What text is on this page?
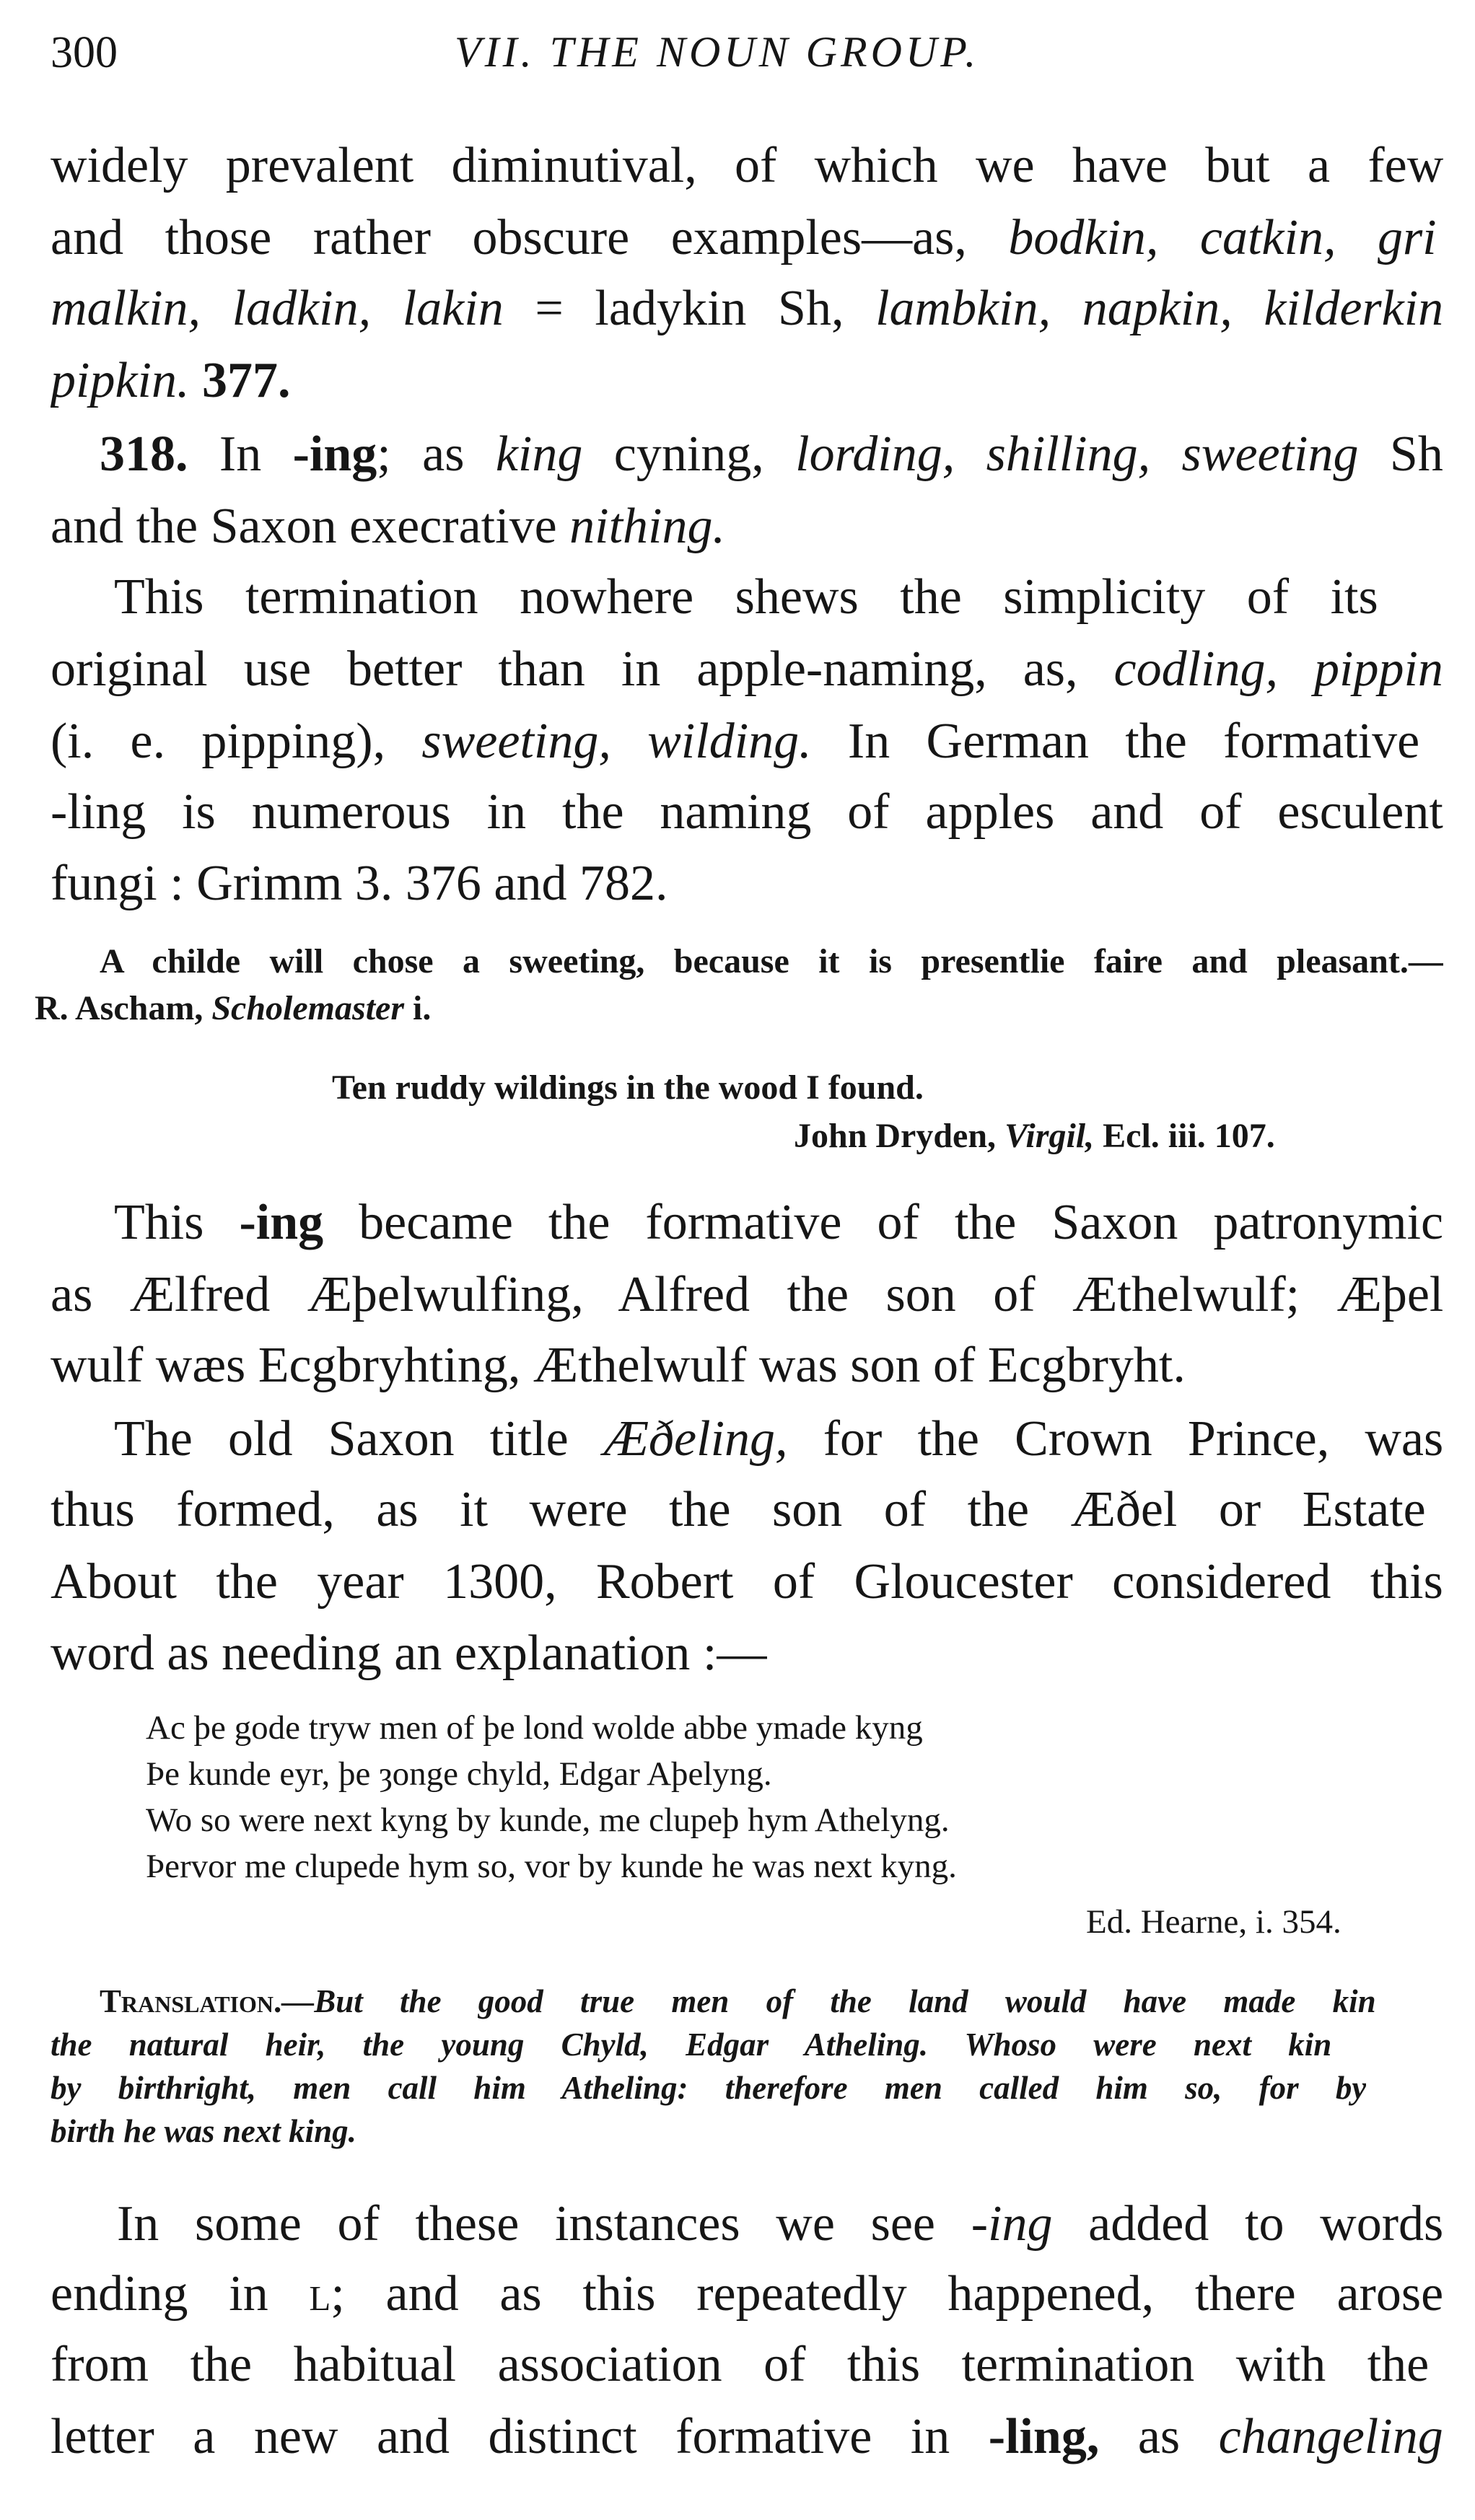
300	VII. THE NOUN GROUP.
widely prevalent diminutival, of which we have but a few
and those rather obscure examples—as, bodkin, catkin, gri
malkin, ladkin, lakin = ladykin Sh, lambkin, napkin, kilderkin
pipkin. 377.
318. In -ing; as king cyning, lording, shilling, sweeting Sh
and the Saxon execrative nithing.
This termination nowhere shews the simplicity of its
original use better than in apple-naming, as, codling, pippin
(i. e. pipping), sweeting, wilding. In German the formative
-ling is numerous in the naming of apples and of esculent
fungi : Grimm 3. 376 and 782.
A childe will chose a sweeting, because it is presentlie faire and pleasant.—
R. Ascham, Scholemaster i.
Ten ruddy wildings in the wood I found.
John Dryden, Virgil, Ecl. iii. 107.
This -ing became the formative of the Saxon patronymic
as Ælfred Æþelwulfing, Alfred the son of Æthelwulf; Æþel
wulf wæs Ecgbryhting, Æthelwulf was son of Ecgbryht.
The old Saxon title Æðeling, for the Crown Prince, was
thus formed, as it were the son of the Æðel or Estate
About the year 1300, Robert of Gloucester considered this
word as needing an explanation :—
Ac þe gode tryw men of þe lond wolde abbe ymade kyng
Þe kunde eyr, þe ȝonge chyld, Edgar Aþelyng.
Wo so were next kyng by kunde, me clupeþ hym Athelyng.
Þervor me clupede hym so, vor by kunde he was next kyng.
Ed. Hearne, i. 354.
Translation.—But the good true men of the land would have made kin
the natural heir, the young Chyld, Edgar Atheling. Whoso were next kin
by birthright, men call him Atheling: therefore men called him so, for by
birth he was next king.
In some of these instances we see -ing added to words
ending in l; and as this repeatedly happened, there arose
from the habitual association of this termination with the
letter a new and distinct formative in -ling, as changeling
